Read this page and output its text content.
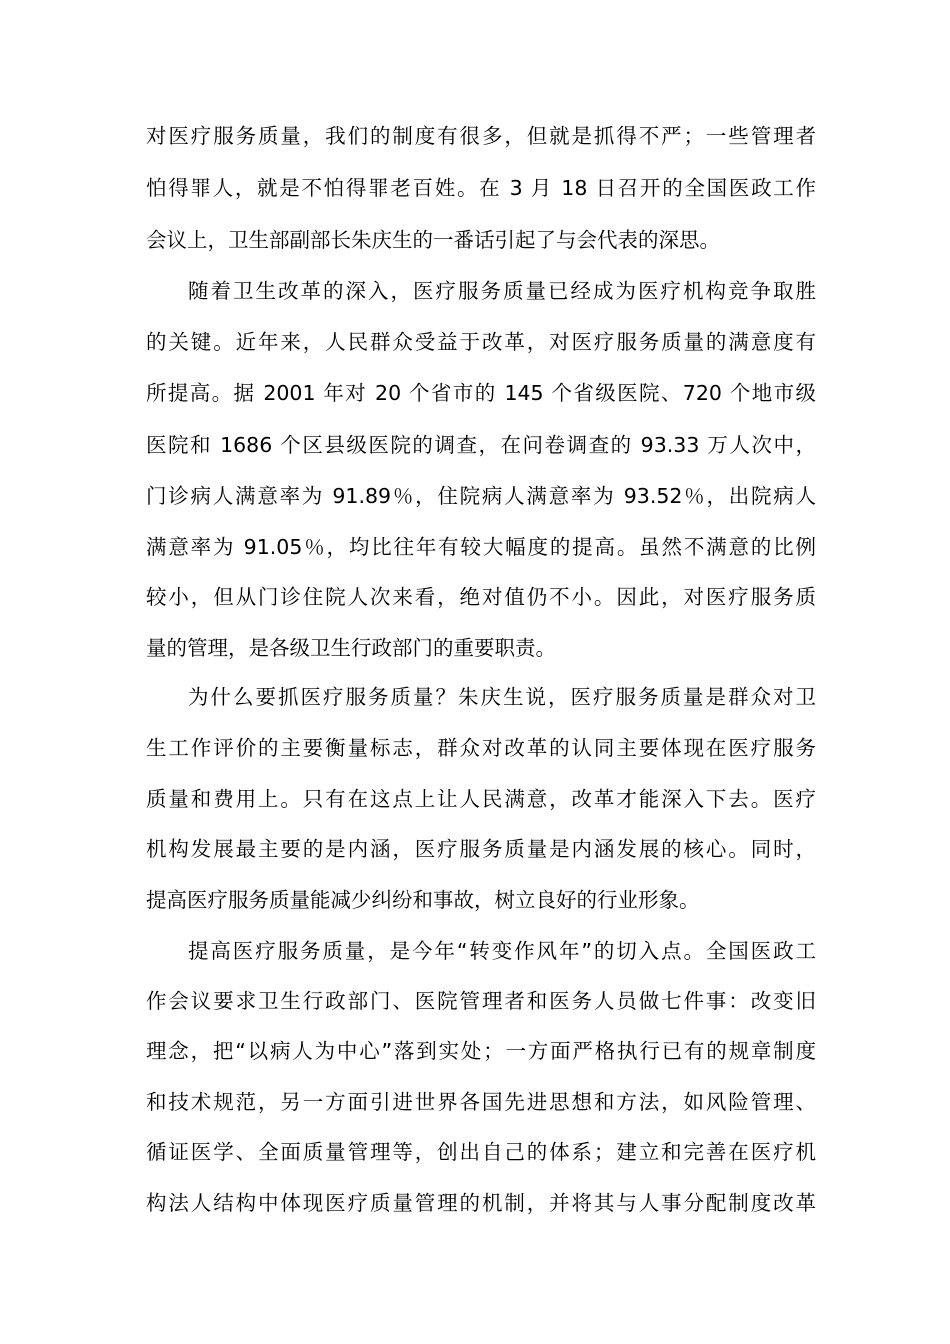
对医疗服务质量，我们的制度有很多，但就是抓得不严；一些管理者
怕得罪人，就是不怕得罪老百姓。在 3 月 18 日召开的全国医政工作
会议上，卫生部副部长朱庆生的一番话引起了与会代表的深思。
随着卫生改革的深入，医疗服务质量已经成为医疗机构竞争取胜
的关键。近年来，人民群众受益于改革，对医疗服务质量的满意度有
所提高。据 2001 年对 20 个省市的 145 个省级医院、720 个地市级
医院和 1686 个区县级医院的调查，在问卷调查的 93.33 万人次中，
门诊病人满意率为 91.89％，住院病人满意率为 93.52％，出院病人
满意率为 91.05％，均比往年有较大幅度的提高。虽然不满意的比例
较小，但从门诊住院人次来看，绝对值仍不小。因此，对医疗服务质
量的管理，是各级卫生行政部门的重要职责。
为什么要抓医疗服务质量？朱庆生说，医疗服务质量是群众对卫
生工作评价的主要衡量标志，群众对改革的认同主要体现在医疗服务
质量和费用上。只有在这点上让人民满意，改革才能深入下去。医疗
机构发展最主要的是内涵，医疗服务质量是内涵发展的核心。同时，
提高医疗服务质量能减少纠纷和事故，树立良好的行业形象。
提高医疗服务质量，是今年“转变作风年”的切入点。全国医政工
作会议要求卫生行政部门、医院管理者和医务人员做七件事：改变旧
理念，把“以病人为中心”落到实处；一方面严格执行已有的规章制度
和技术规范，另一方面引进世界各国先进思想和方法，如风险管理、
循证医学、全面质量管理等，创出自己的体系；建立和完善在医疗机
构法人结构中体现医疗质量管理的机制，并将其与人事分配制度改革
